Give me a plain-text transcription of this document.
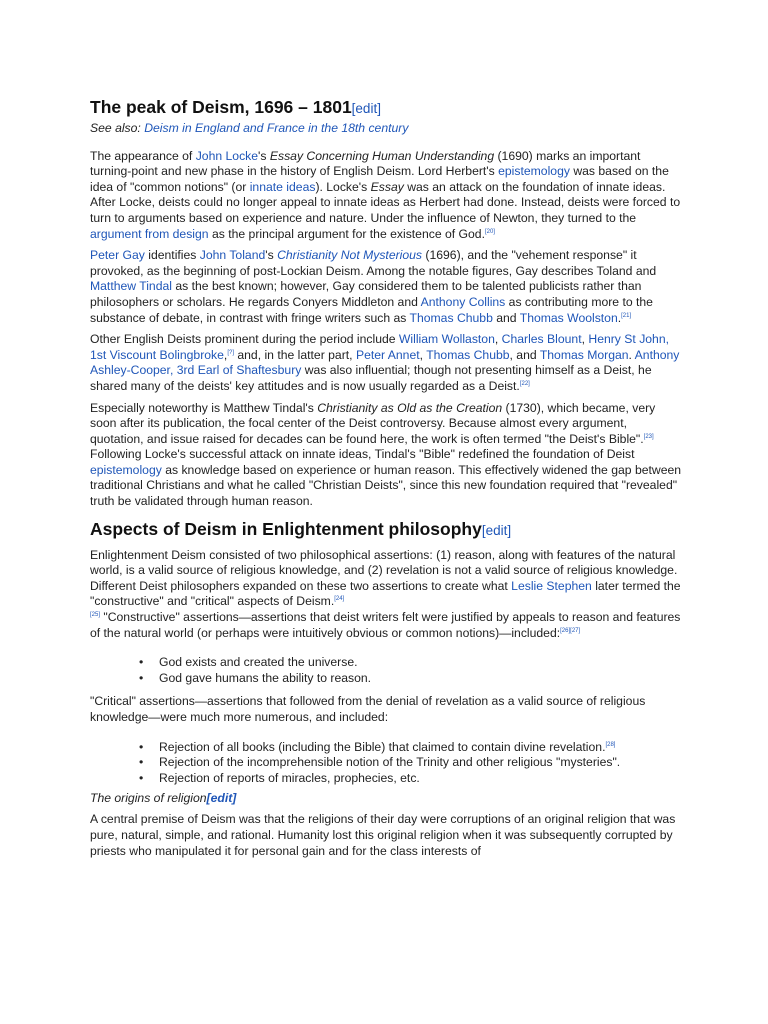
The peak of Deism, 1696 – 1801[edit]

See also: Deism in England and France in the 18th century

The appearance of John Locke's Essay Concerning Human Understanding (1690) marks an important turning-point and new phase in the history of English Deism. Lord Herbert's epistemology was based on the idea of "common notions" (or innate ideas). Locke's Essay was an attack on the foundation of innate ideas. After Locke, deists could no longer appeal to innate ideas as Herbert had done. Instead, deists were forced to turn to arguments based on experience and nature. Under the influence of Newton, they turned to the argument from design as the principal argument for the existence of God.[20]

Peter Gay identifies John Toland's Christianity Not Mysterious (1696), and the "vehement response" it provoked, as the beginning of post-Lockian Deism. Among the notable figures, Gay describes Toland and Matthew Tindal as the best known; however, Gay considered them to be talented publicists rather than philosophers or scholars. He regards Conyers Middleton and Anthony Collins as contributing more to the substance of debate, in contrast with fringe writers such as Thomas Chubb and Thomas Woolston.[21]

Other English Deists prominent during the period include William Wollaston, Charles Blount, Henry St John, 1st Viscount Bolingbroke,[?] and, in the latter part, Peter Annet, Thomas Chubb, and Thomas Morgan. Anthony Ashley-Cooper, 3rd Earl of Shaftesbury was also influential; though not presenting himself as a Deist, he shared many of the deists' key attitudes and is now usually regarded as a Deist.[22]

Especially noteworthy is Matthew Tindal's Christianity as Old as the Creation (1730), which became, very soon after its publication, the focal center of the Deist controversy. Because almost every argument, quotation, and issue raised for decades can be found here, the work is often termed "the Deist's Bible".[23] Following Locke's successful attack on innate ideas, Tindal's "Bible" redefined the foundation of Deist epistemology as knowledge based on experience or human reason. This effectively widened the gap between traditional Christians and what he called "Christian Deists", since this new foundation required that "revealed" truth be validated through human reason.

Aspects of Deism in Enlightenment philosophy[edit]

Enlightenment Deism consisted of two philosophical assertions: (1) reason, along with features of the natural world, is a valid source of religious knowledge, and (2) revelation is not a valid source of religious knowledge. Different Deist philosophers expanded on these two assertions to create what Leslie Stephen later termed the "constructive" and "critical" aspects of Deism.[24]
[25] "Constructive" assertions—assertions that deist writers felt were justified by appeals to reason and features of the natural world (or perhaps were intuitively obvious or common notions)—included:[26][27]

• God exists and created the universe.
• God gave humans the ability to reason.

"Critical" assertions—assertions that followed from the denial of revelation as a valid source of religious knowledge—were much more numerous, and included:

• Rejection of all books (including the Bible) that claimed to contain divine revelation.[28]
• Rejection of the incomprehensible notion of the Trinity and other religious "mysteries".
• Rejection of reports of miracles, prophecies, etc.
The origins of religion[edit]

A central premise of Deism was that the religions of their day were corruptions of an original religion that was pure, natural, simple, and rational. Humanity lost this original religion when it was subsequently corrupted by priests who manipulated it for personal gain and for the class interests of
